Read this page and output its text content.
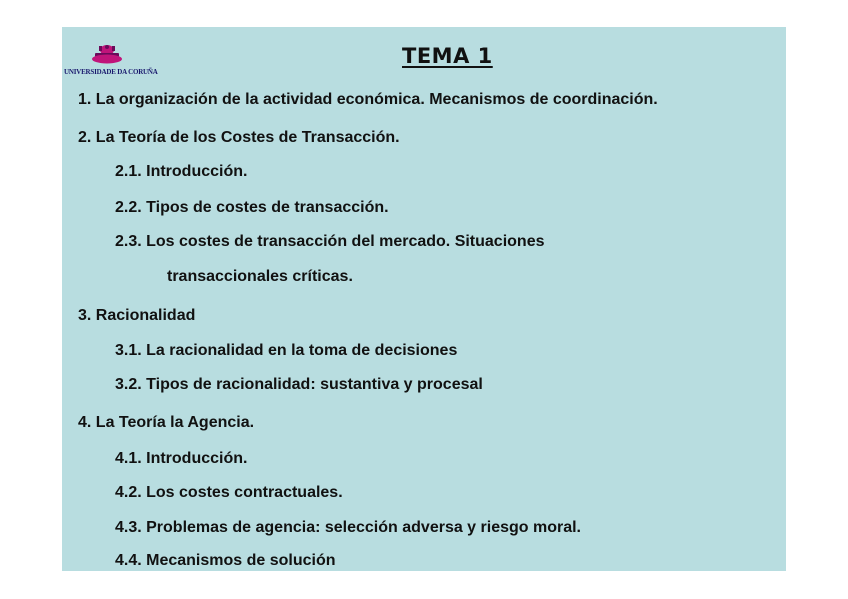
UNIVERSIDADE DA CORUÑA
TEMA 1
1. La organización de la actividad económica. Mecanismos de coordinación.
2. La Teoría de los Costes de Transacción.
2.1. Introducción.
2.2. Tipos de costes de transacción.
2.3. Los costes de transacción del mercado. Situaciones
transaccionales críticas.
3. Racionalidad
3.1. La racionalidad en la toma de decisiones
3.2. Tipos de racionalidad: sustantiva y procesal
4. La Teoría la Agencia.
4.1. Introducción.
4.2. Los costes contractuales.
4.3. Problemas de agencia: selección adversa y riesgo moral.
4.4. Mecanismos de solución
